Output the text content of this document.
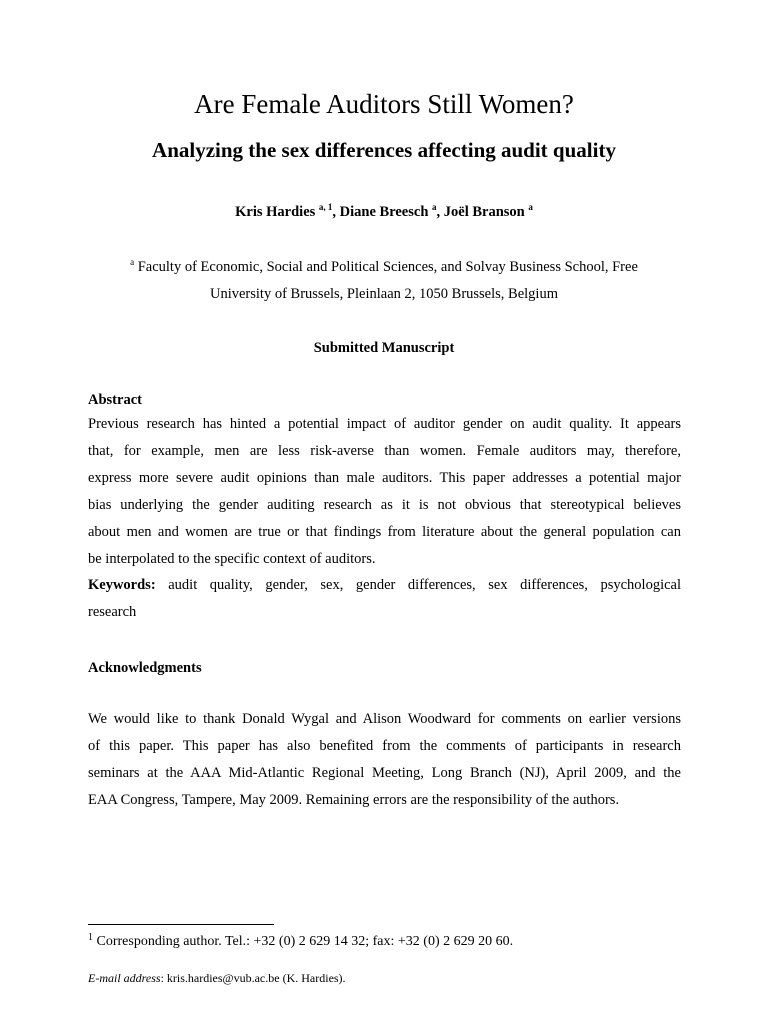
Are Female Auditors Still Women?
Analyzing the sex differences affecting audit quality
Kris Hardies $^{a, 1}$, Diane Breesch $^a$, Joël Branson $^a$
$^a$ Faculty of Economic, Social and Political Sciences, and Solvay Business School, Free
University of Brussels, Pleinlaan 2, 1050 Brussels, Belgium
Submitted Manuscript
Abstract
Previous research has hinted a potential impact of auditor gender on audit quality. It appears
that, for example, men are less risk-averse than women. Female auditors may, therefore,
express more severe audit opinions than male auditors. This paper addresses a potential major
bias underlying the gender auditing research as it is not obvious that stereotypical believes
about men and women are true or that findings from literature about the general population can
be interpolated to the specific context of auditors.
Keywords: audit quality, gender, sex, gender differences, sex differences, psychological
research
Acknowledgments
We would like to thank Donald Wygal and Alison Woodward for comments on earlier versions
of this paper. This paper has also benefited from the comments of participants in research
seminars at the AAA Mid-Atlantic Regional Meeting, Long Branch (NJ), April 2009, and the
EAA Congress, Tampere, May 2009. Remaining errors are the responsibility of the authors.
$^1$ Corresponding author. Tel.: +32 (0) 2 629 14 32; fax: +32 (0) 2 629 20 60.
E-mail address: kris.hardies@vub.ac.be (K. Hardies).
